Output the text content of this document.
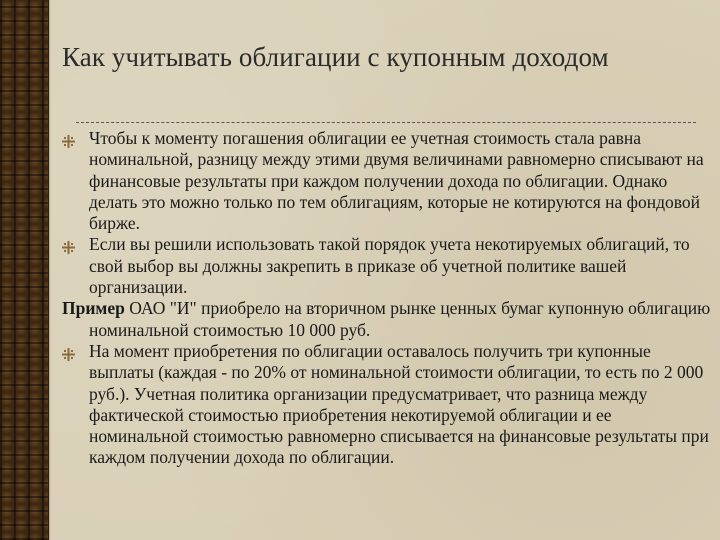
Как учитывать облигации с купонным доходом
Чтобы к моменту погашения облигации ее учетная стоимость стала равна номинальной, разницу между этими двумя величинами равномерно списывают на финансовые результаты при каждом получении дохода по облигации. Однако делать это можно только по тем облигациям, которые не котируются на фондовой бирже.
Если вы решили использовать такой порядок учета некотируемых облигаций, то свой выбор вы должны закрепить в приказе об учетной политике вашей организации.
Пример ОАО "И" приобрело на вторичном рынке ценных бумаг купонную облигацию номинальной стоимостью 10 000 руб.
На момент приобретения по облигации оставалось получить три купонные выплаты (каждая - по 20% от номинальной стоимости облигации, то есть по 2 000 руб.). Учетная политика организации предусматривает, что разница между фактической стоимостью приобретения некотируемой облигации и ее номинальной стоимостью равномерно списывается на финансовые результаты при каждом получении дохода по облигации.
